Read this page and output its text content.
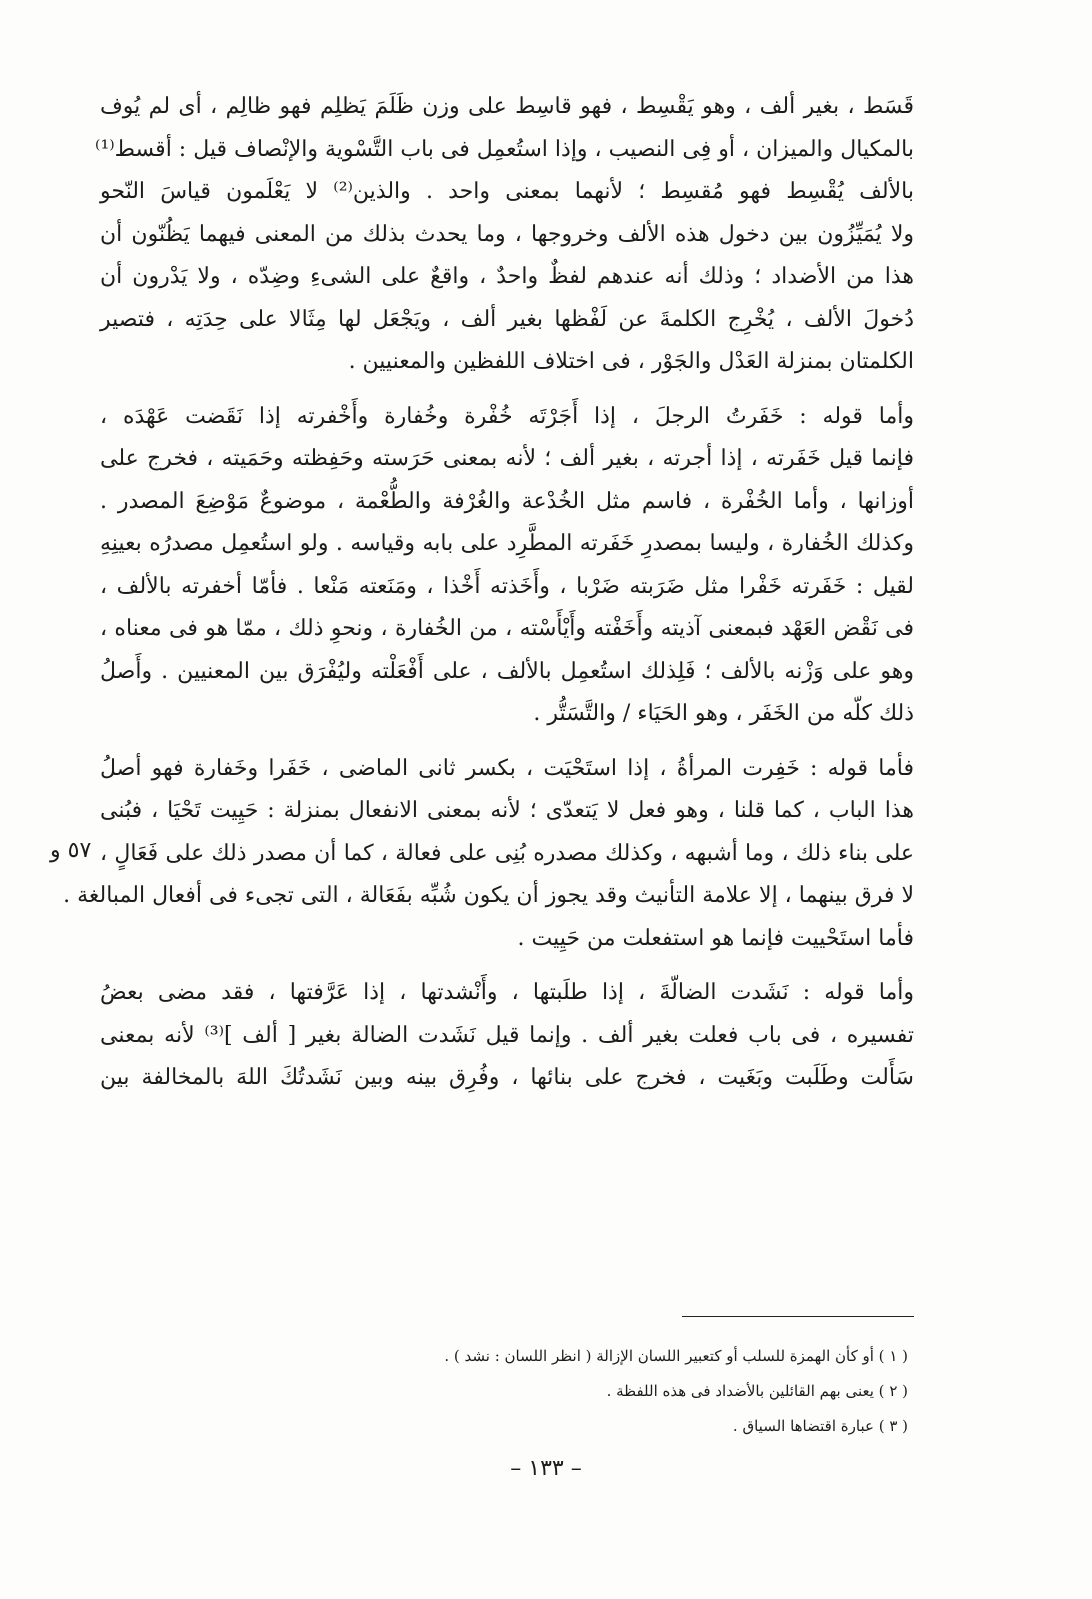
قَسَط ، بغير ألف ، وهو يَقْسِط ، فهو قاسِط على وزن ظَلَمَ يَظلِم فهو ظالِم ، أى لم يُوف
بالمكيال والميزان ، أو فِى النصيب ، وإذا استُعمِل فى باب التَّسْوية والإنْصاف قيل : أقسط⁽¹⁾
بالألف يُقْسِط فهو مُقسِط ؛ لأنهما بمعنى واحد . والذين⁽²⁾ لا يَعْلَمون قياسَ النّحو
ولا يُمَيِّزُون بين دخول هذه الألف وخروجها ، وما يحدث بذلك من المعنى فيهما يَظُنّون أن
هذا من الأضداد ؛ وذلك أنه عندهم لفظٌ واحدٌ ، واقعٌ على الشىءِ وضِدّه ، ولا يَدْرون أن
دُخولَ الألف ، يُخْرِج الكلمةَ عن لَفْظها بغير ألف ، ويَجْعَل لها مِثَالا على حِدَتِه ، فتصير
الكلمتان بمنزلة العَدْل والجَوْر ، فى اختلاف اللفظين والمعنيين .
وأما قوله : خَفَرتُ الرجلَ ، إذا أَجَرْتَه خُفْرة وخُفارة وأَخْفرته إذا نَقَضت عَهْدَه ،
فإنما قيل خَفَرته ، إذا أجرته ، بغير ألف ؛ لأنه بمعنى حَرَسته وحَفِظته وحَمَيته ، فخرج على
أوزانها ، وأما الخُفْرة ، فاسم مثل الخُدْعة والغُرْفة والطُّعْمة ، موضوعٌ مَوْضِعَ المصدر .
وكذلك الخُفارة ، وليسا بمصدرِ خَفَرته المطَّرِد على بابه وقياسه . ولو استُعمِل مصدرُه بعينِهِ
لقيل : خَفَرته خَفْرا مثل ضَرَبته ضَرْبا ، وأَخَذته أَخْذا ، ومَنَعته مَنْعا . فأمّا أخفرته بالألف ،
فى نَقْض العَهْد فبمعنى آذيته وأَخَفْته وأَيْأَسْته ، من الخُفارة ، ونحوِ ذلك ، ممّا هو فى معناه ،
وهو على وَزْنه بالألف ؛ فَلِذلك استُعمِل بالألف ، على أَفْعَلْته وليُفْرَق بين المعنيين . وأَصلُ
ذلك كلّه من الخَفَر ، وهو الحَيَاء / والتَّسَتُّر .
فأما قوله : خَفِرت المرأةُ ، إذا استَحْيَت ، بكسر ثانى الماضى ، خَفَرا وخَفارة فهو أصلُ
هذا الباب ، كما قلنا ، وهو فعل لا يَتعدّى ؛ لأنه بمعنى الانفعال بمنزلة : حَيِيت تَحْيَا ، فبُنى
على بناء ذلك ، وما أشبهه ، وكذلك مصدره بُنِى على فعالة ، كما أن مصدر ذلك على فَعَالٍ ،
لا فرق بينهما ، إلا علامة التأنيث وقد يجوز أن يكون شُبِّه بفَعَالة ، التى تجىء فى أفعال المبالغة .
فأما استَحْييت فإنما هو استفعلت من حَيِيت .
وأما قوله : نَشَدت الضالّةَ ، إذا طلَبتها ، وأَنْشدتها ، إذا عَرَّفتها ، فقد مضى بعضُ
تفسيره ، فى باب فعلت بغير ألف . وإنما قيل نَشَدت الضالة بغير [ ألف ]⁽³⁾ لأنه بمعنى
سَأَلت وطَلَبت وبَغَيت ، فخرج على بنائها ، وفُرِق بينه وبين نَشَدتُكَ اللهَ بالمخالفة بين
٥٧ و
( ١ ) أو كأن الهمزة للسلب أو كتعبير اللسان الإزالة ( انظر اللسان : نشد ) .
( ٢ ) يعنى بهم القائلين بالأضداد فى هذه اللفظة .
( ٣ ) عبارة اقتضاها السياق .
– ١٣٣ –
